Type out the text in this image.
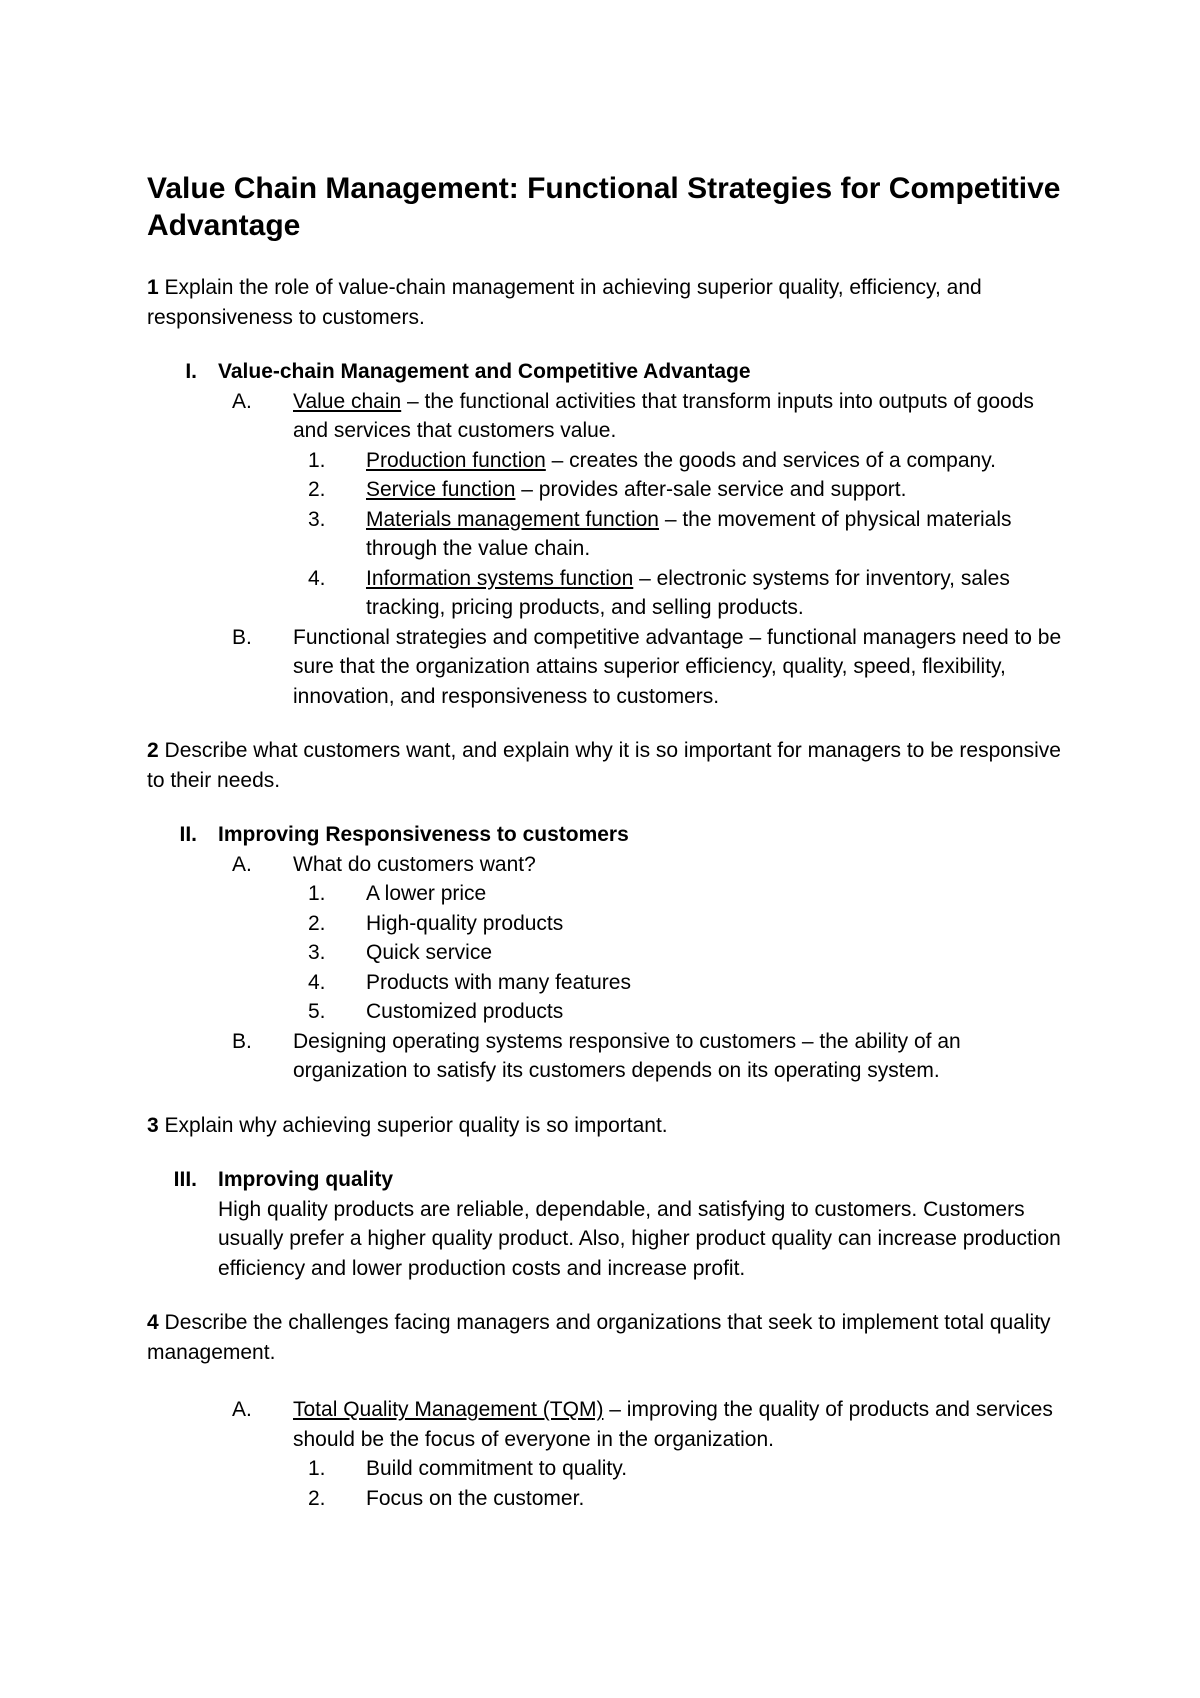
Value Chain Management: Functional Strategies for Competitive Advantage
1 Explain the role of value-chain management in achieving superior quality, efficiency, and responsiveness to customers.
I. Value-chain Management and Competitive Advantage
A. Value chain – the functional activities that transform inputs into outputs of goods and services that customers value.
1. Production function – creates the goods and services of a company.
2. Service function – provides after-sale service and support.
3. Materials management function – the movement of physical materials through the value chain.
4. Information systems function – electronic systems for inventory, sales tracking, pricing products, and selling products.
B. Functional strategies and competitive advantage – functional managers need to be sure that the organization attains superior efficiency, quality, speed, flexibility, innovation, and responsiveness to customers.
2 Describe what customers want, and explain why it is so important for managers to be responsive to their needs.
II. Improving Responsiveness to customers
A. What do customers want?
1. A lower price
2. High-quality products
3. Quick service
4. Products with many features
5. Customized products
B. Designing operating systems responsive to customers – the ability of an organization to satisfy its customers depends on its operating system.
3 Explain why achieving superior quality is so important.
III. Improving quality
High quality products are reliable, dependable, and satisfying to customers. Customers usually prefer a higher quality product. Also, higher product quality can increase production efficiency and lower production costs and increase profit.
4 Describe the challenges facing managers and organizations that seek to implement total quality management.
A. Total Quality Management (TQM) – improving the quality of products and services should be the focus of everyone in the organization.
1. Build commitment to quality.
2. Focus on the customer.
